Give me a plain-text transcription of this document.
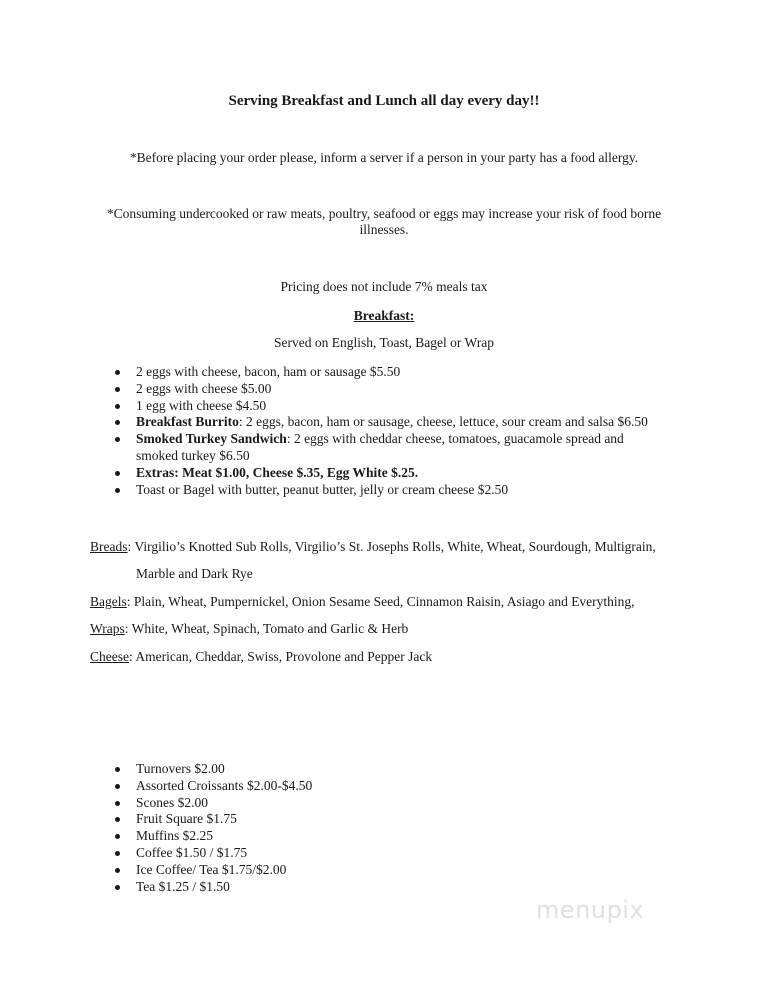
Serving Breakfast and Lunch all day every day!!
*Before placing your order please, inform a server if a person in your party has a food allergy.
*Consuming undercooked or raw meats, poultry, seafood or eggs may increase your risk of food borne illnesses.
Pricing does not include 7% meals tax
Breakfast:
Served on English, Toast, Bagel or Wrap
2 eggs with cheese, bacon, ham or sausage $5.50
2 eggs with cheese $5.00
1 egg with cheese $4.50
Breakfast Burrito: 2 eggs, bacon, ham or sausage, cheese, lettuce, sour cream and salsa $6.50
Smoked Turkey Sandwich: 2 eggs with cheddar cheese, tomatoes, guacamole spread and smoked turkey $6.50
Extras: Meat $1.00, Cheese $.35, Egg White $.25.
Toast or Bagel with butter, peanut butter, jelly or cream cheese $2.50
Breads: Virgilio’s Knotted Sub Rolls, Virgilio’s St. Josephs Rolls, White, Wheat, Sourdough, Multigrain,
Marble and Dark Rye
Bagels: Plain, Wheat, Pumpernickel, Onion Sesame Seed, Cinnamon Raisin, Asiago and Everything,
Wraps: White, Wheat, Spinach, Tomato and Garlic & Herb
Cheese: American, Cheddar, Swiss, Provolone and Pepper Jack
Turnovers $2.00
Assorted Croissants $2.00-$4.50
Scones $2.00
Fruit Square $1.75
Muffins $2.25
Coffee $1.50 / $1.75
Ice Coffee/ Tea $1.75/$2.00
Tea $1.25 / $1.50
menupix
